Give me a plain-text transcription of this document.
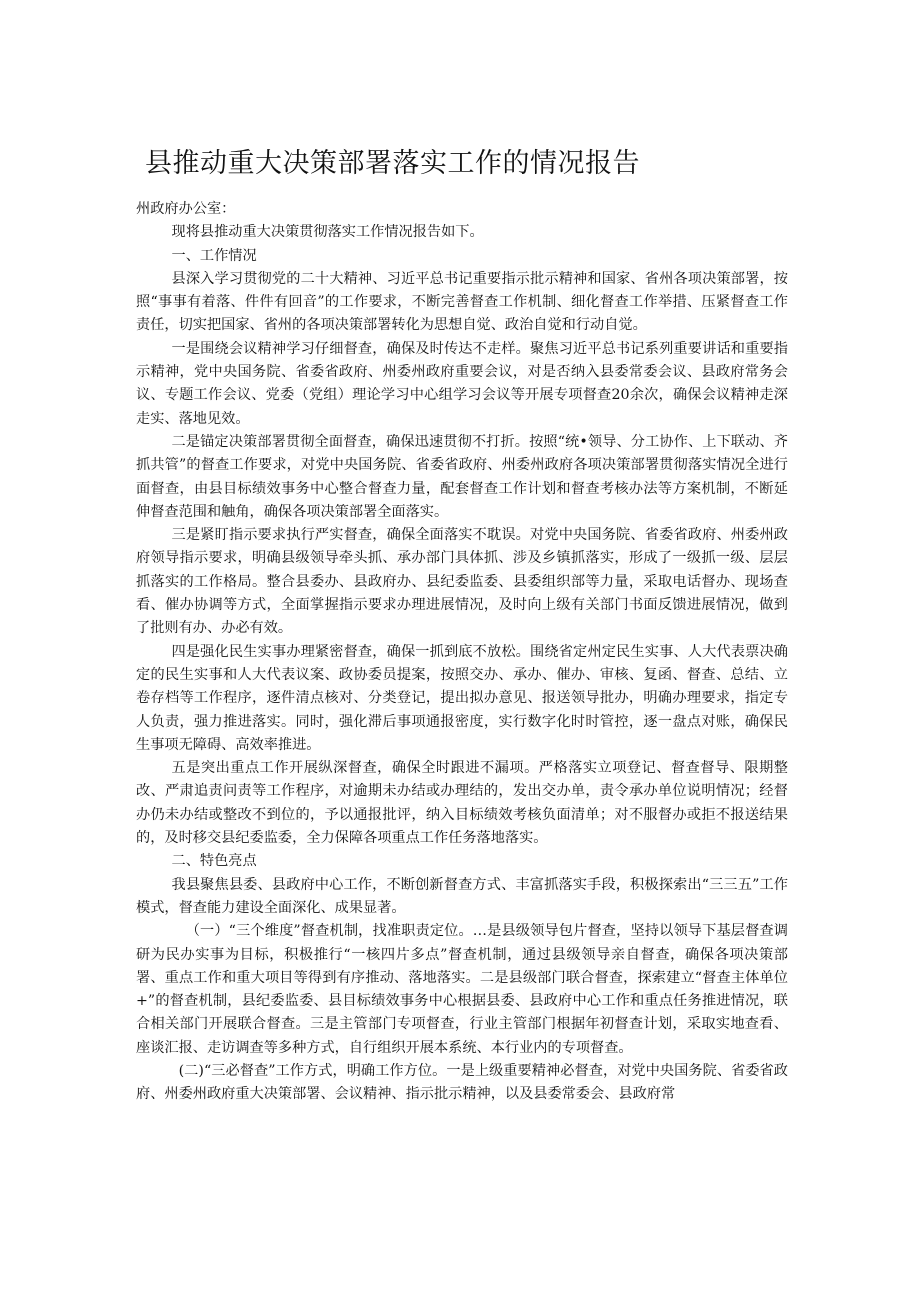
县推动重大决策部署落实工作的情况报告

州政府办公室：

现将县推动重大决策贯彻落实工作情况报告如下。

一、工作情况

县深入学习贯彻党的二十大精神、习近平总书记重要指示批示精神和国家、省州各项决策部署，按照“事事有着落、件件有回音”的工作要求，不断完善督查工作机制、细化督查工作举措、压紧督查工作责任，切实把国家、省州的各项决策部署转化为思想自觉、政治自觉和行动自觉。

一是围绕会议精神学习仔细督查，确保及时传达不走样。聚焦习近平总书记系列重要讲话和重要指示精神，党中央国务院、省委省政府、州委州政府重要会议，对是否纳入县委常委会议、县政府常务会议、专题工作会议、党委（党组）理论学习中心组学习会议等开展专项督查20余次，确保会议精神走深走实、落地见效。

二是锚定决策部署贯彻全面督查，确保迅速贯彻不打折。按照“统•领导、分工协作、上下联动、齐抓共管”的督查工作要求，对党中央国务院、省委省政府、州委州政府各项决策部署贯彻落实情况全进行面督查，由县目标绩效事务中心整合督查力量，配套督查工作计划和督查考核办法等方案机制，不断延伸督查范围和触角，确保各项决策部署全面落实。

三是紧盯指示要求执行严实督查，确保全面落实不耽误。对党中央国务院、省委省政府、州委州政府领导指示要求，明确县级领导牵头抓、承办部门具体抓、涉及乡镇抓落实，形成了一级抓一级、层层抓落实的工作格局。整合县委办、县政府办、县纪委监委、县委组织部等力量，采取电话督办、现场查看、催办协调等方式，全面掌握指示要求办理进展情况，及时向上级有关部门书面反馈进展情况，做到了批则有办、办必有效。

四是强化民生实事办理紧密督查，确保一抓到底不放松。围绕省定州定民生实事、人大代表票决确定的民生实事和人大代表议案、政协委员提案，按照交办、承办、催办、审核、复函、督查、总结、立卷存档等工作程序，逐件清点核对、分类登记，提出拟办意见、报送领导批办，明确办理要求，指定专人负责，强力推进落实。同时，强化滞后事项通报密度，实行数字化时时管控，逐一盘点对账，确保民生事项无障碍、高效率推进。

五是突出重点工作开展纵深督查，确保全时跟进不漏项。严格落实立项登记、督查督导、限期整改、严肃追责问责等工作程序，对逾期未办结或办理结的，发出交办单，责令承办单位说明情况；经督办仍未办结或整改不到位的，予以通报批评，纳入目标绩效考核负面清单；对不服督办或拒不报送结果的，及时移交县纪委监委，全力保障各项重点工作任务落地落实。

二、特色亮点

我县聚焦县委、县政府中心工作，不断创新督查方式、丰富抓落实手段，积极探索出“三三五”工作模式，督查能力建设全面深化、成果显著。

（一）“三个维度”督查机制，找准职责定位。…是县级领导包片督查，坚持以领导下基层督查调研为民办实事为目标，积极推行“一核四片多点”督查机制，通过县级领导亲自督查，确保各项决策部署、重点工作和重大项目等得到有序推动、落地落实。二是县级部门联合督查，探索建立“督查主体单位+”的督查机制，县纪委监委、县目标绩效事务中心根据县委、县政府中心工作和重点任务推进情况，联合相关部门开展联合督查。三是主管部门专项督查，行业主管部门根据年初督查计划，采取实地查看、座谈汇报、走访调查等多种方式，自行组织开展本系统、本行业内的专项督查。

(二)“三必督查”工作方式，明确工作方位。一是上级重要精神必督查，对党中央国务院、省委省政府、州委州政府重大决策部署、会议精神、指示批示精神，以及县委常委会、县政府常
